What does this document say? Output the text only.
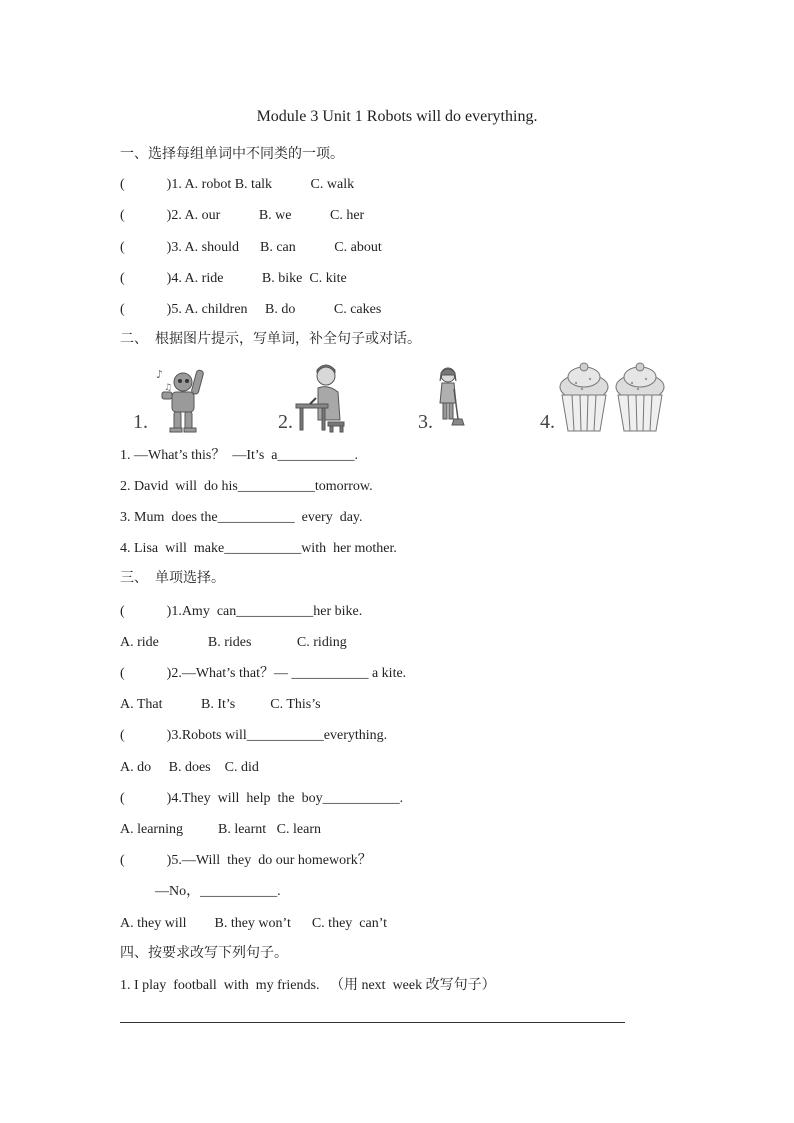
Module 3 Unit 1 Robots will do everything.
一、选择每组单词中不同类的一项。
(            )1. A. robot B. talk           C. walk
(            )2. A. our           B. we           C. her
(            )3. A. should      B. can           C. about
(            )4. A. ride           B. bike  C. kite
(            )5. A. children     B. do           C. cakes
二、  根据图片提示，写单词，补全句子或对话。
1.
♪
♫
2.	3.	4.
1. —What’s this？  —It’s  a___________.
2. David  will  do his___________tomorrow.
3. Mum  does the___________  every  day.
4. Lisa  will  make___________with  her mother.
三、  单项选择。
(            )1.Amy  can___________her bike.
A. ride              B. rides             C. riding
(            )2.—What’s that？— ___________ a kite.
A. That           B. It’s          C. This’s
(            )3.Robots will___________everything.
A. do     B. does    C. did
(            )4.They  will  help  the  boy___________.
A. learning          B. learnt   C. learn
(            )5.—Will  they  do our homework？
—No，___________.
A. they will        B. they won’t      C. they  can’t
四、按要求改写下列句子。
1. I play  football  with  my friends.   （用 next  week 改写句子）
